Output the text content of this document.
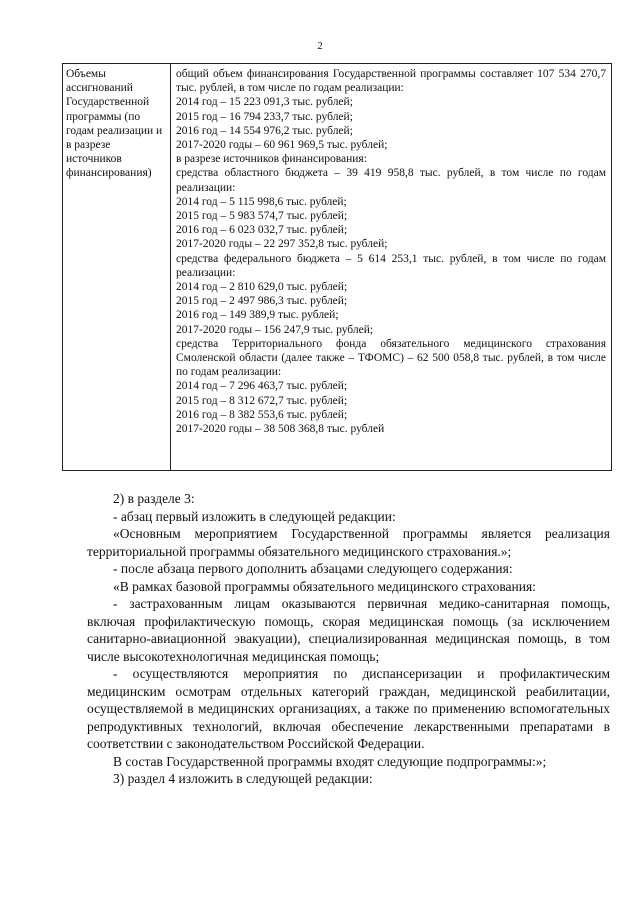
2
Объемы ассигнований Государственной программы (по годам реализации и в разрезе источников финансирования)
общий объем финансирования Государственной программы составляет 107 534 270,7 тыс. рублей, в том числе по годам реализации:
2014 год – 15 223 091,3 тыс. рублей;
2015 год – 16 794 233,7 тыс. рублей;
2016 год – 14 554 976,2 тыс. рублей;
2017-2020 годы – 60 961 969,5 тыс. рублей;
в разрезе источников финансирования:
средства областного бюджета – 39 419 958,8 тыс. рублей, в том числе по годам реализации:
2014 год – 5 115 998,6 тыс. рублей;
2015 год – 5 983 574,7 тыс. рублей;
2016 год – 6 023 032,7 тыс. рублей;
2017-2020 годы – 22 297 352,8 тыс. рублей;
средства федерального бюджета – 5 614 253,1 тыс. рублей, в том числе по годам реализации:
2014 год – 2 810 629,0 тыс. рублей;
2015 год – 2 497 986,3 тыс. рублей;
2016 год – 149 389,9 тыс. рублей;
2017-2020 годы – 156 247,9 тыс. рублей;
средства Территориального фонда обязательного медицинского страхования Смоленской области (далее также – ТФОМС) – 62 500 058,8 тыс. рублей, в том числе по годам реализации:
2014 год – 7 296 463,7 тыс. рублей;
2015 год – 8 312 672,7 тыс. рублей;
2016 год – 8 382 553,6 тыс. рублей;
2017-2020 годы – 38 508 368,8 тыс. рублей

2) в разделе 3:

- абзац первый изложить в следующей редакции:

«Основным мероприятием Государственной программы является реализация территориальной программы обязательного медицинского страхования.»;

- после абзаца первого дополнить абзацами следующего содержания:

«В рамках базовой программы обязательного медицинского страхования:

- застрахованным лицам оказываются первичная медико-санитарная помощь, включая профилактическую помощь, скорая медицинская помощь (за исключением санитарно-авиационной эвакуации), специализированная медицинская помощь, в том числе высокотехнологичная медицинская помощь;

- осуществляются мероприятия по диспансеризации и профилактическим медицинским осмотрам отдельных категорий граждан, медицинской реабилитации, осуществляемой в медицинских организациях, а также по применению вспомогательных репродуктивных технологий, включая обеспечение лекарственными препаратами в соответствии с законодательством Российской Федерации.

В состав Государственной программы входят следующие подпрограммы:»;

3) раздел 4 изложить в следующей редакции:
